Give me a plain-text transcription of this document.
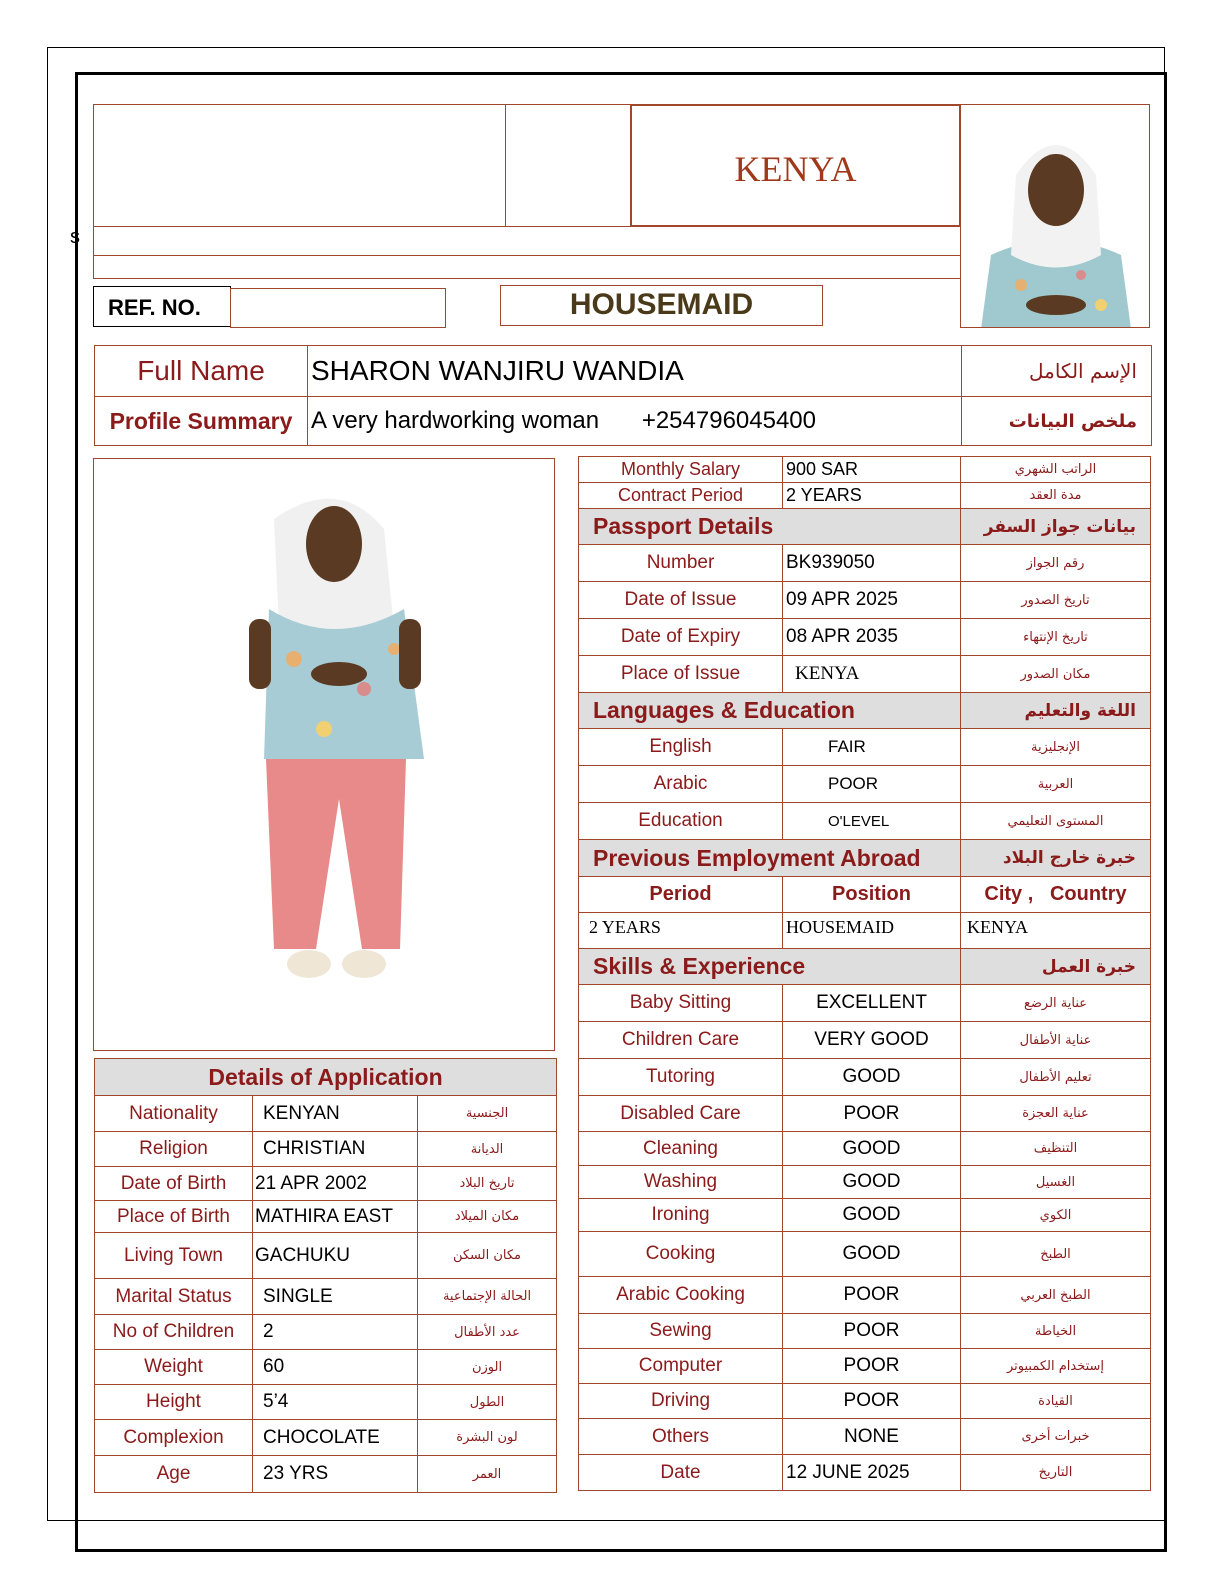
s
KENYA
REF. NO.	HOUSEMAID
Full Name	SHARON WANJIRU WANDIA	الإسم الكامل
Profile Summary	A very hardworking woman +254796045400	ملخص البيانات
Details of Application		
Nationality	KENYAN	الجنسية
Religion	CHRISTIAN	الديانة
Date of Birth	21 APR 2002	تاريخ البلاد
Place of Birth	MATHIRA EAST	مكان الميلاد
Living Town	GACHUKU	مكان السكن
Marital Status	SINGLE	الحالة الإجتماعية
No of Children	2	عدد الأطفال
Weight	60	الوزن
Height	5’4	الطول
Complexion	CHOCOLATE	لون البشرة
Age	23 YRS	العمر
Monthly Salary	900 SAR	الراتب الشهري
Contract Period	2 YEARS	مدة العقد
Passport Details		بيانات جواز السفر
Number	BK939050	رقم الجواز
Date of Issue	09 APR 2025	تاريخ الصدور
Date of Expiry	08 APR 2035	تاريخ الإنتهاء
Place of Issue	KENYA	مكان الصدور
Languages & Education		اللغة والتعليم
English	FAIR	الإنجليزية
Arabic	POOR	العربية
Education	O'LEVEL	المستوى التعليمي
Previous Employment Abroad		خبرة خارج البلاد
Period	Position	City ,   Country
2 YEARS	HOUSEMAID	KENYA
Skills & Experience		خبرة العمل
Baby Sitting	EXCELLENT	عناية الرضع
Children Care	VERY GOOD	عناية الأطفال
Tutoring	GOOD	تعليم الأطفال
Disabled Care	POOR	عناية العجزة
Cleaning	GOOD	التنظيف
Washing	GOOD	الغسيل
Ironing	GOOD	الكوي
Cooking	GOOD	الطبخ
Arabic Cooking	POOR	الطبخ العربي
Sewing	POOR	الخياطة
Computer	POOR	إستخدام الكمبيوتر
Driving	POOR	القيادة
Others	NONE	خبرات أخرى
Date	12 JUNE 2025	التاريخ
